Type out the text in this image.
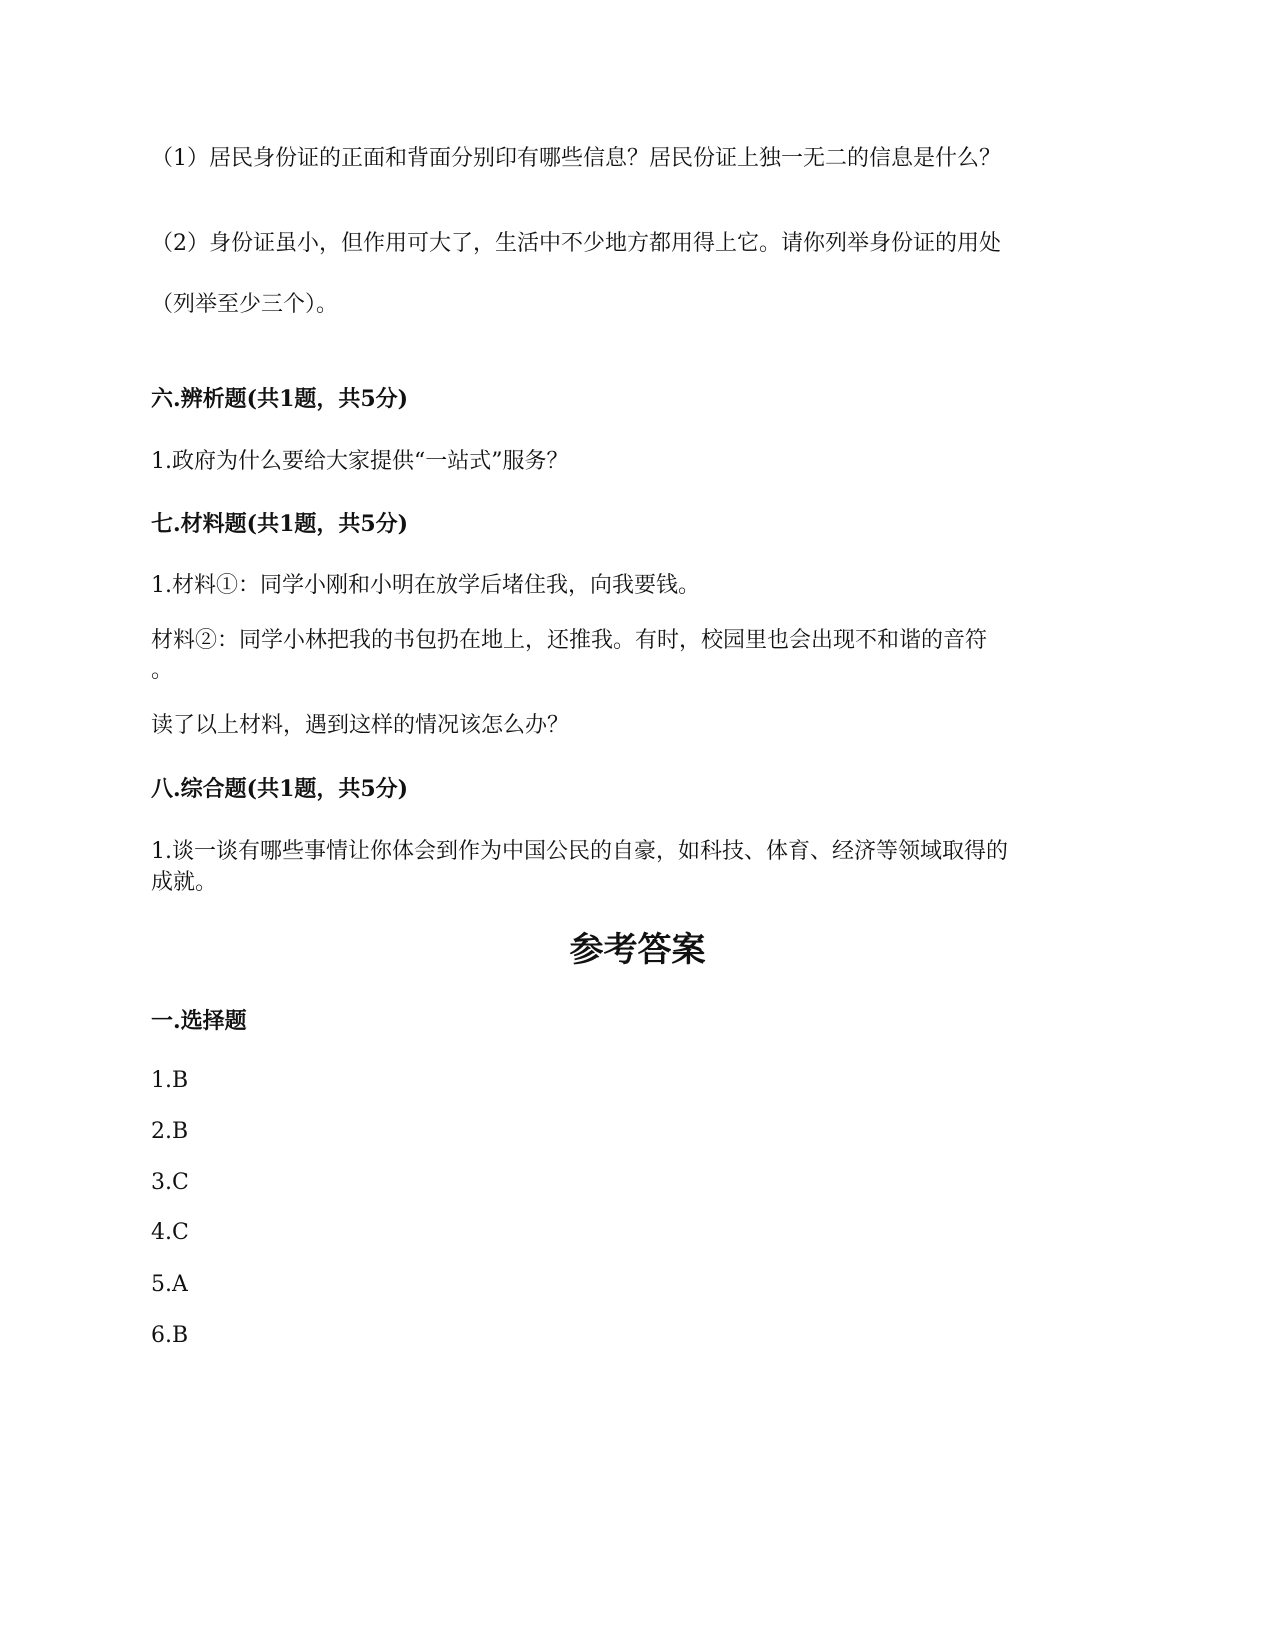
（1）居民身份证的正面和背面分别印有哪些信息？居民份证上独一无二的信息是什么？

（2）身份证虽小，但作用可大了，生活中不少地方都用得上它。请你列举身份证的用处

（列举至少三个）。

六.辨析题(共1题，共5分)

1.政府为什么要给大家提供“一站式”服务？

七.材料题(共1题，共5分)

1.材料①：同学小刚和小明在放学后堵住我，向我要钱。

材料②：同学小林把我的书包扔在地上，还推我。有时，校园里也会出现不和谐的音符

。

读了以上材料，遇到这样的情况该怎么办？

八.综合题(共1题，共5分)

1.谈一谈有哪些事情让你体会到作为中国公民的自豪，如科技、体育、经济等领域取得的

成就。

参考答案

一.选择题

1.B

2.B

3.C

4.C

5.A

6.B
